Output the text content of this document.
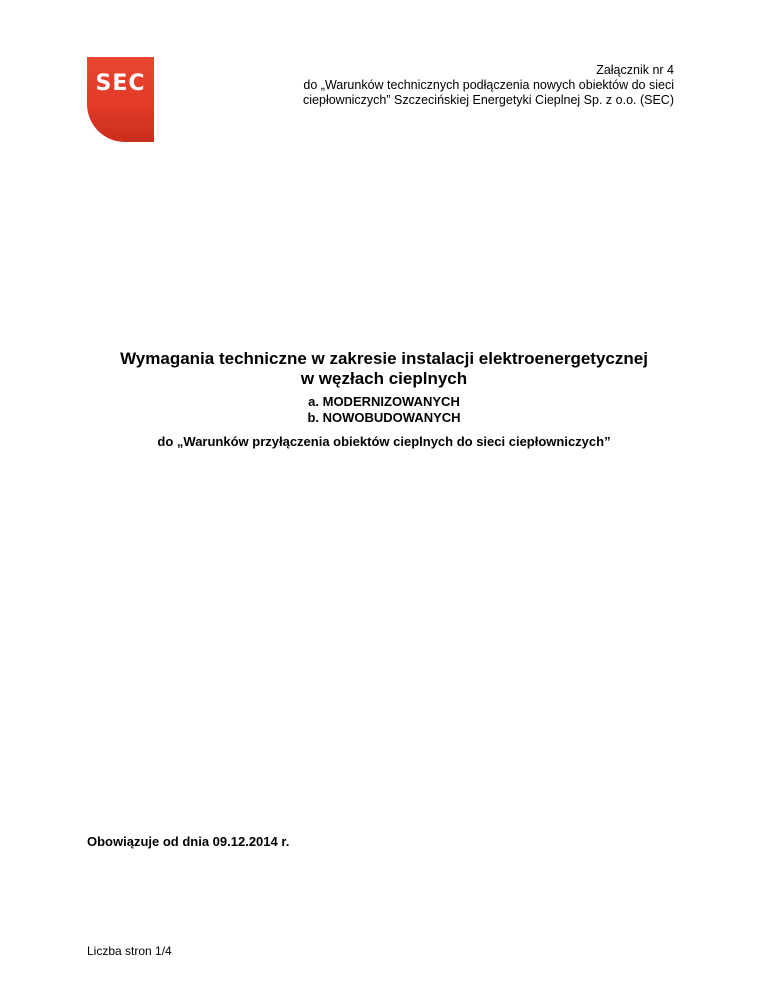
SEC
Załącznik nr 4
do „Warunków technicznych podłączenia nowych obiektów do sieci
ciepłowniczych” Szczecińskiej Energetyki Cieplnej Sp. z o.o. (SEC)
Wymagania techniczne w zakresie instalacji elektroenergetycznej
w węzłach cieplnych
a. MODERNIZOWANYCH
b. NOWOBUDOWANYCH
do „Warunków przyłączenia obiektów cieplnych do sieci ciepłowniczych”
Obowiązuje od dnia 09.12.2014 r.
Liczba stron 1/4
